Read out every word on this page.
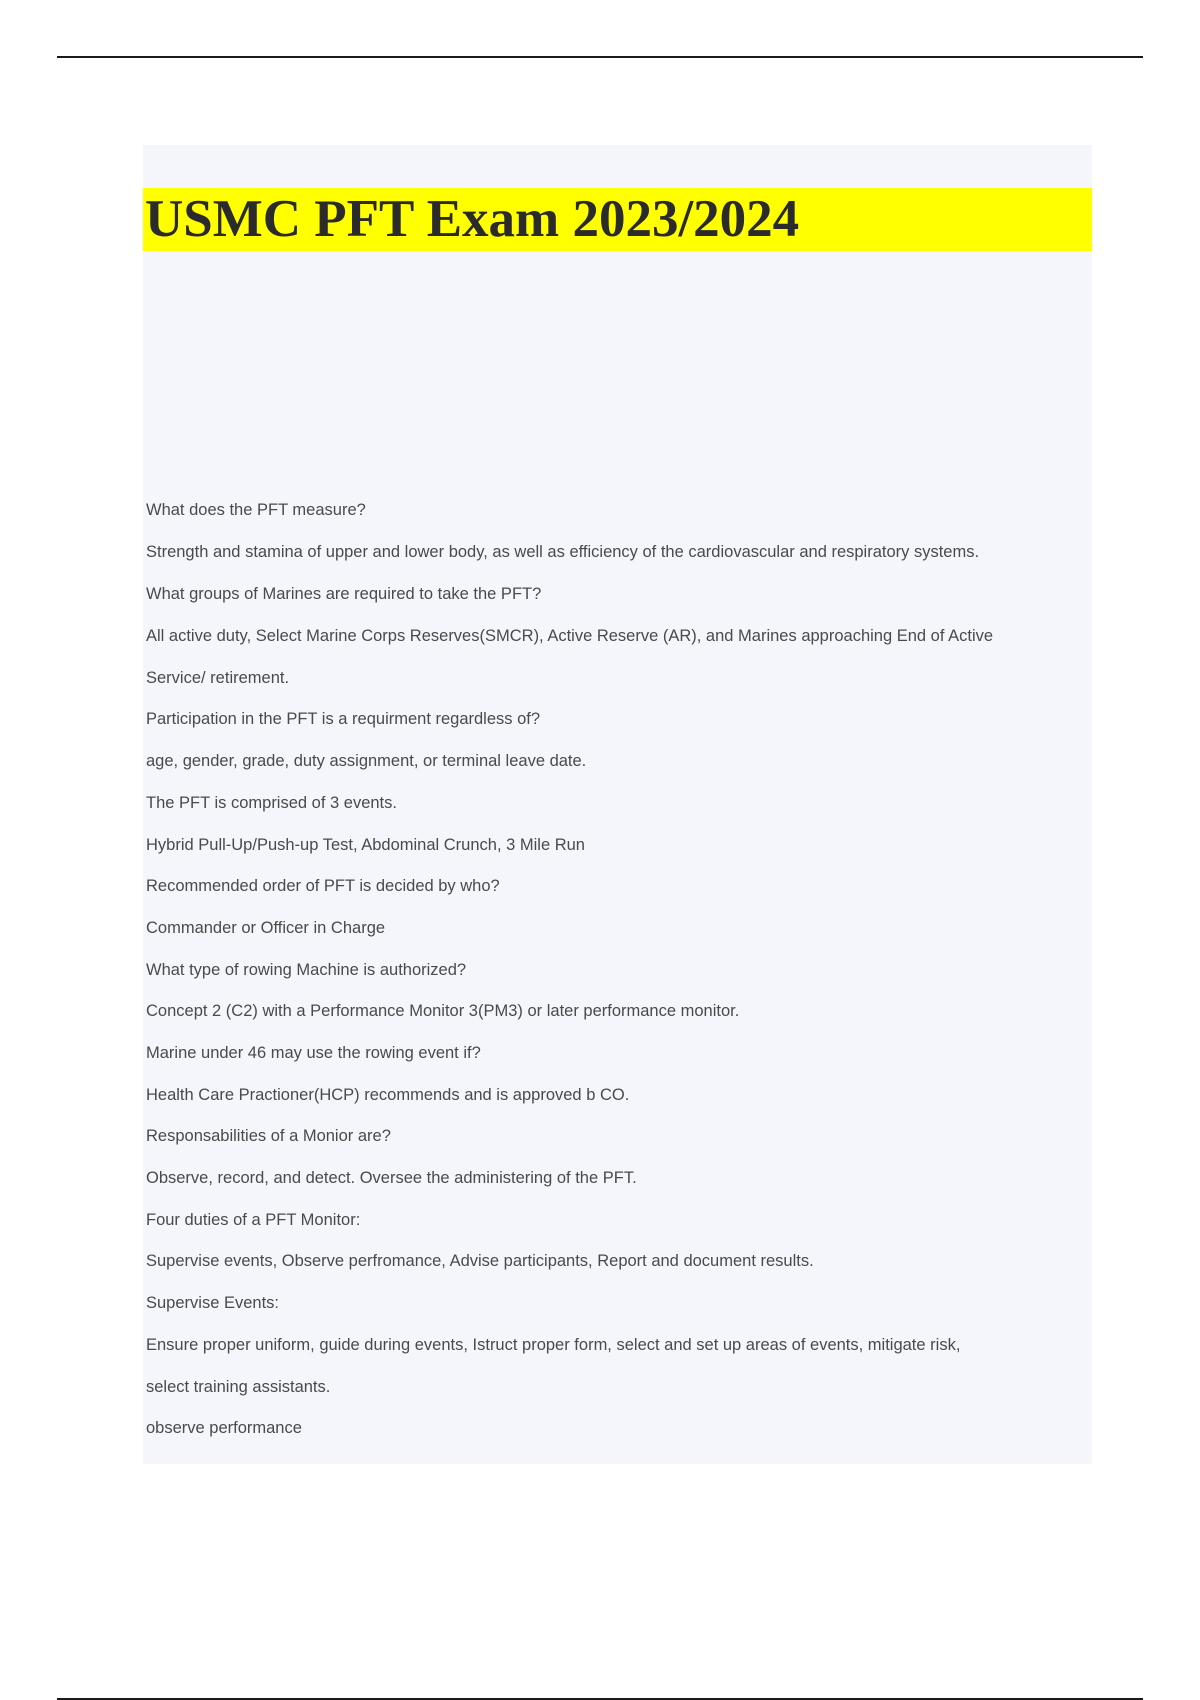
USMC PFT Exam 2023/2024
What does the PFT measure?
Strength and stamina of upper and lower body, as well as efficiency of the cardiovascular and respiratory systems.
What groups of Marines are required to take the PFT?
All active duty, Select Marine Corps Reserves(SMCR), Active Reserve (AR), and Marines approaching End of Active
Service/ retirement.
Participation in the PFT is a requirment regardless of?
age, gender, grade, duty assignment, or terminal leave date.
The PFT is comprised of 3 events.
Hybrid Pull-Up/Push-up Test, Abdominal Crunch, 3 Mile Run
Recommended order of PFT is decided by who?
Commander or Officer in Charge
What type of rowing Machine is authorized?
Concept 2 (C2) with a Performance Monitor 3(PM3) or later performance monitor.
Marine under 46 may use the rowing event if?
Health Care Practioner(HCP) recommends and is approved b CO.
Responsabilities of a Monior are?
Observe, record, and detect. Oversee the administering of the PFT.
Four duties of a PFT Monitor:
Supervise events, Observe perfromance, Advise participants, Report and document results.
Supervise Events:
Ensure proper uniform, guide during events, Istruct proper form, select and set up areas of events, mitigate risk,
select training assistants.
observe performance
